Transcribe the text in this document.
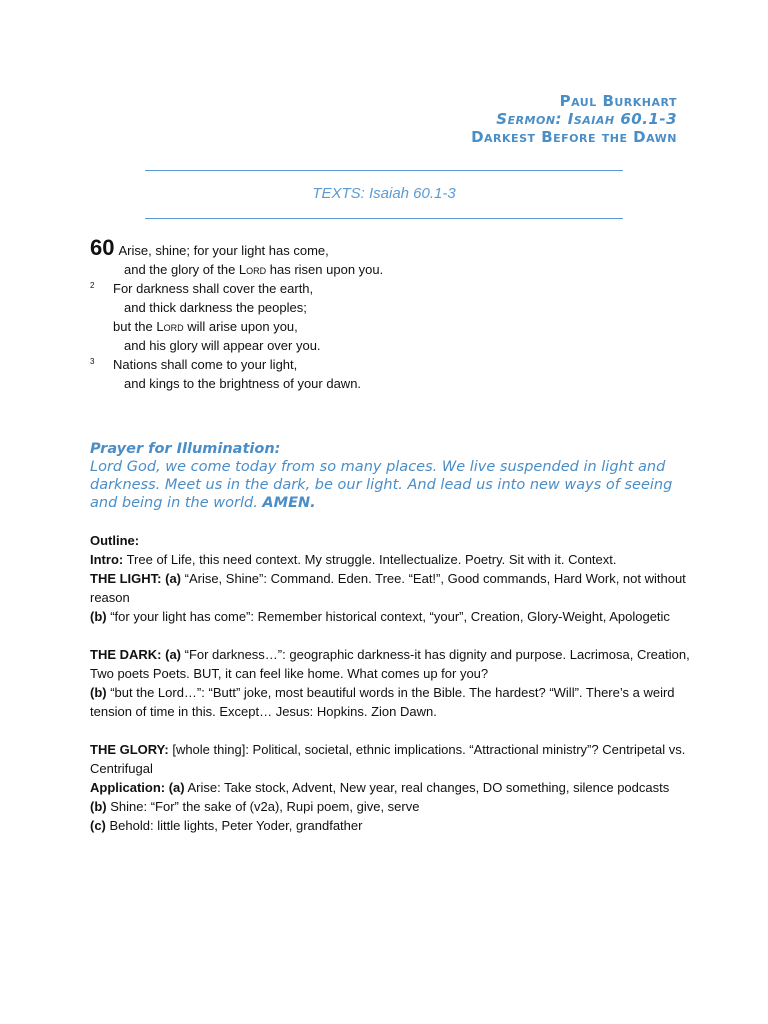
Paul Burkhart
Sermon: Isaiah 60.1-3
Darkest Before the Dawn
TEXTS: Isaiah 60.1-3
60 Arise, shine; for your light has come,
and the glory of the Lord has risen upon you.
2 For darkness shall cover the earth,
and thick darkness the peoples;
but the Lord will arise upon you,
and his glory will appear over you.
3 Nations shall come to your light,
and kings to the brightness of your dawn.
Prayer for Illumination:
Lord God, we come today from so many places. We live suspended in light and darkness. Meet us in the dark, be our light. And lead us into new ways of seeing and being in the world. AMEN.

Outline:

Intro: Tree of Life, this need context. My struggle. Intellectualize. Poetry. Sit with it. Context.

THE LIGHT: (a) “Arise, Shine”: Command. Eden. Tree. “Eat!”, Good commands, Hard Work, not without reason

(b) “for your light has come”: Remember historical context, “your”, Creation, Glory-Weight, Apologetic

THE DARK: (a) “For darkness…”: geographic darkness-it has dignity and purpose. Lacrimosa, Creation, Two poets Poets. BUT, it can feel like home. What comes up for you?

(b) “but the Lord…”: “Butt” joke, most beautiful words in the Bible. The hardest? “Will”. There’s a weird tension of time in this. Except… Jesus: Hopkins. Zion Dawn.

THE GLORY: [whole thing]: Political, societal, ethnic implications. “Attractional ministry”? Centripetal vs. Centrifugal

Application: (a) Arise: Take stock, Advent, New year, real changes, DO something, silence podcasts

(b) Shine: “For” the sake of (v2a), Rupi poem, give, serve

(c) Behold: little lights, Peter Yoder, grandfather
